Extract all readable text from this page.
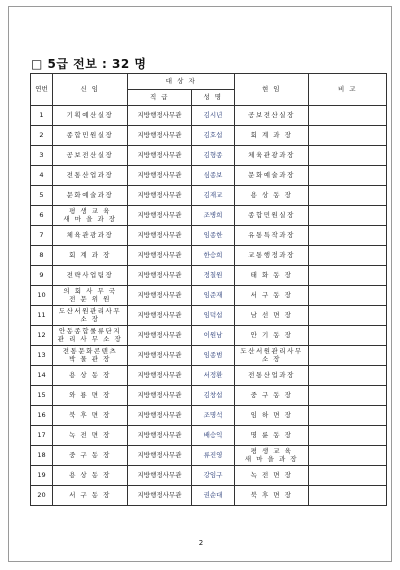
□ 5급 전보 : 32 명
연번	신 임	대 상 자		현 임	비 고
		직 급	성 명		
1	기획예산실장	지방행정사무관	김시년	공보전산실장	
2	종합민원실장	지방행정사무관	김호섭	회 계 과 장	
3	공보전산실장	지방행정사무관	김형종	체육관광과장	
4	전통산업과장	지방행정사무관	심종보	문화예술과장	
5	문화예술과장	지방행정사무관	김재교	용 상 동 장	
6	평 생 교 육
새 마 을 과 장	지방행정사무관	조병희	종합민원실장	
7	체육관광과장	지방행정사무관	임종한	유통특작과장	
8	회 계 과 장	지방행정사무관	한승희	교통행정과장	
9	전략사업팀장	지방행정사무관	정칠원	태 화 동 장	
10	의 회 사 무 국
전 문 위 원	지방행정사무관	임준재	서 구 동 장	
11	도산서원관리사무
소 장	지방행정사무관	임덕섭	남 선 면 장	
12	안동종합룰류단지
관 리 사 무 소 장	지방행정사무관	이원남	안 기 동 장	
13	전통문화콘텐츠
박 물 관 장	지방행정사무관	임종범	도산서원관리사무
소 장	
14	용 상 동 장	지방행정사무관	서정환	전통산업과장	
15	와 룡 면 장	지방행정사무관	김창섭	중 구 동 장	
16	북 후 면 장	지방행정사무관	조명석	임 하 면 장	
17	녹 전 면 장	지방행정사무관	배승익	명 륜 동 장	
18	중 구 동 장	지방행정사무관	류진영	평 생 교 육
새 마 을 과 장	
19	용 상 동 장	지방행정사무관	강임구	녹 전 면 장	
20	서 구 동 장	지방행정사무관	권순대	북 후 면 장	
2
